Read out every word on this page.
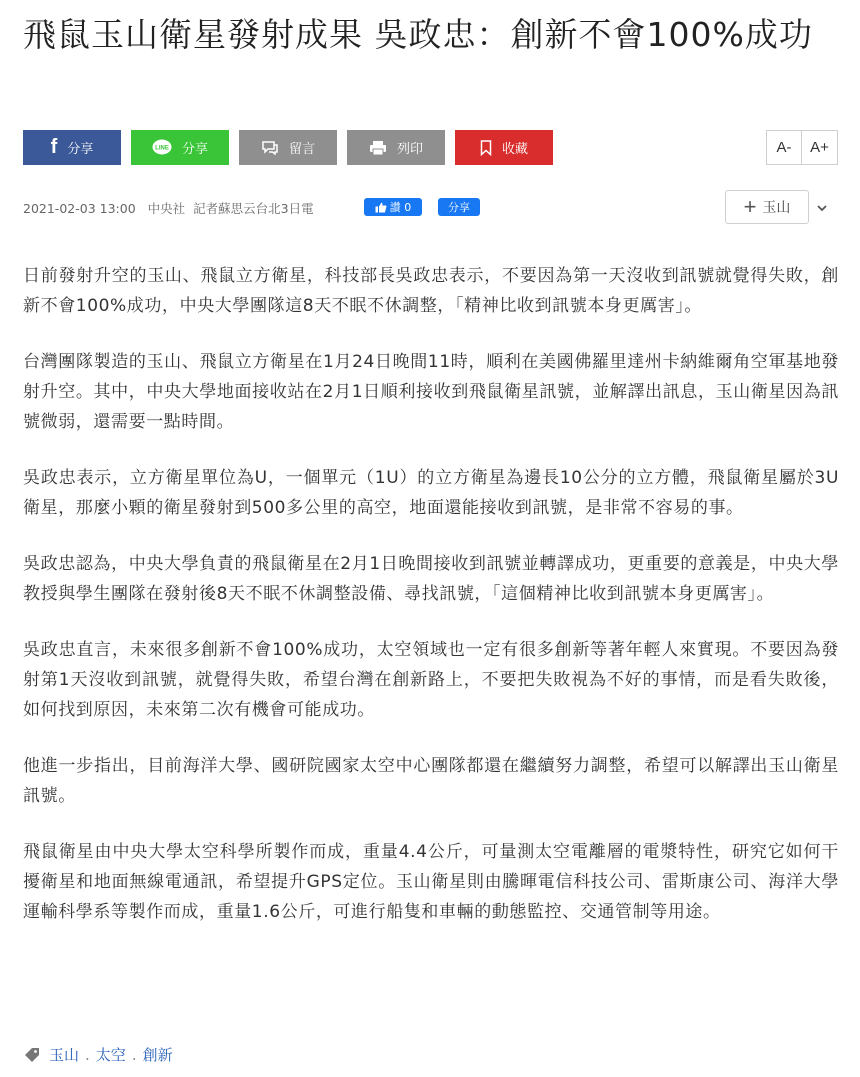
飛鼠玉山衛星發射成果 吳政忠：創新不會100%成功
f 分享	LINE 分享	留言	列印	收藏	A-	A+
2021-02-03 13:00 中央社 記者蘇思云台北3日電	讚 0	分享	+ 玉山

日前發射升空的玉山、飛鼠立方衛星，科技部長吳政忠表示，不要因為第一天沒收到訊號就覺得失敗，創新不會100%成功，中央大學團隊這8天不眠不休調整，「精神比收到訊號本身更厲害」。

台灣團隊製造的玉山、飛鼠立方衛星在1月24日晚間11時，順利在美國佛羅里達州卡納維爾角空軍基地發射升空。其中，中央大學地面接收站在2月1日順利接收到飛鼠衛星訊號，並解譯出訊息，玉山衛星因為訊號微弱，還需要一點時間。

吳政忠表示，立方衛星單位為U，一個單元（1U）的立方衛星為邊長10公分的立方體，飛鼠衛星屬於3U衛星，那麼小顆的衛星發射到500多公里的高空，地面還能接收到訊號，是非常不容易的事。

吳政忠認為，中央大學負責的飛鼠衛星在2月1日晚間接收到訊號並轉譯成功，更重要的意義是，中央大學教授與學生團隊在發射後8天不眠不休調整設備、尋找訊號，「這個精神比收到訊號本身更厲害」。

吳政忠直言，未來很多創新不會100%成功，太空領域也一定有很多創新等著年輕人來實現。不要因為發射第1天沒收到訊號，就覺得失敗，希望台灣在創新路上，不要把失敗視為不好的事情，而是看失敗後，如何找到原因，未來第二次有機會可能成功。

他進一步指出，目前海洋大學、國研院國家太空中心團隊都還在繼續努力調整，希望可以解譯出玉山衛星訊號。

飛鼠衛星由中央大學太空科學所製作而成，重量4.4公斤，可量測太空電離層的電漿特性，研究它如何干擾衛星和地面無線電通訊，希望提升GPS定位。玉山衛星則由騰暉電信科技公司、雷斯康公司、海洋大學運輸科學系等製作而成，重量1.6公斤，可進行船隻和車輛的動態監控、交通管制等用途。

玉山 . 太空 . 創新
